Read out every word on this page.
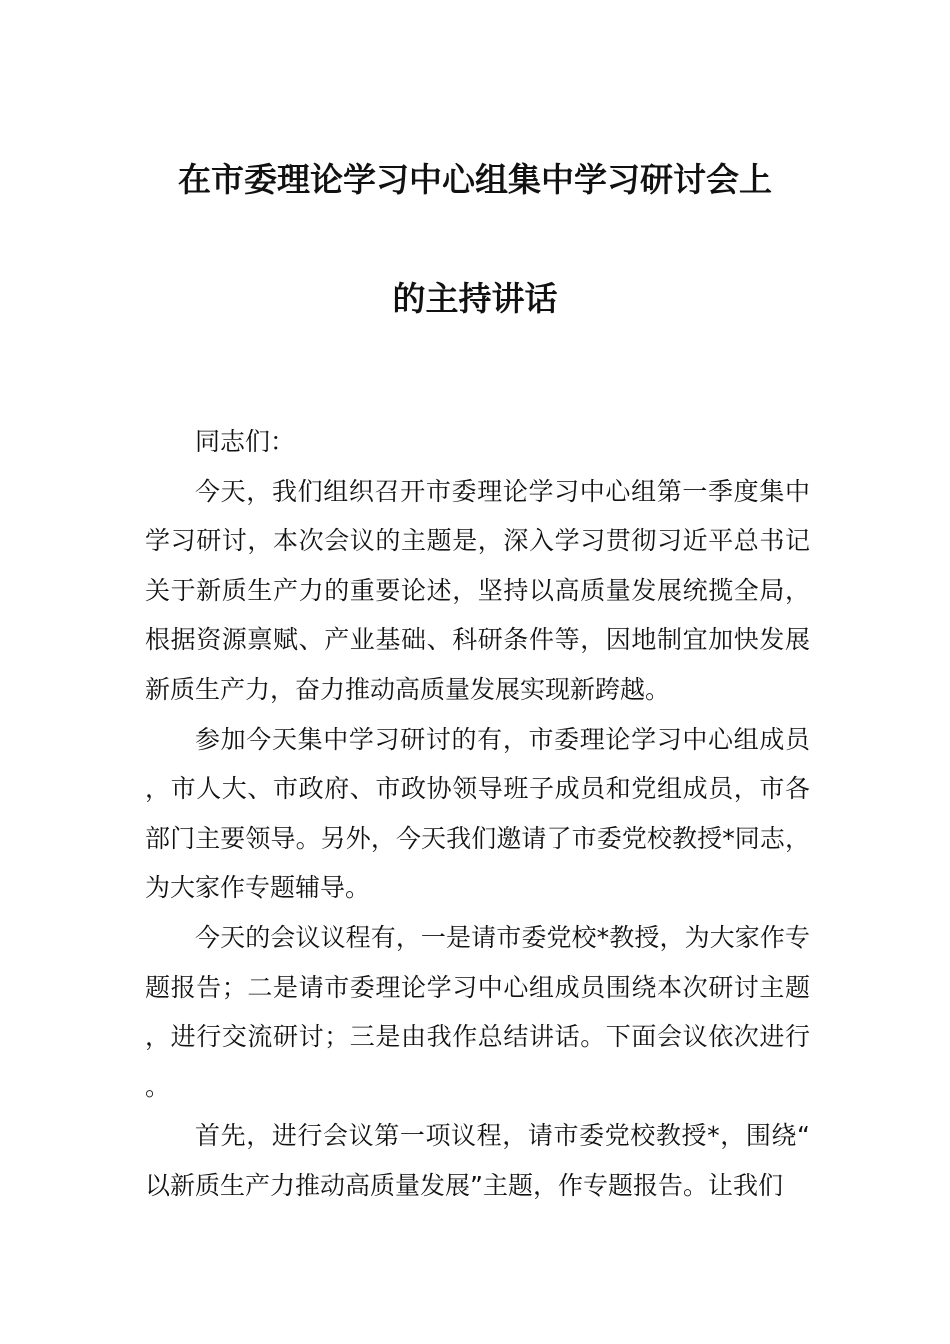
在市委理论学习中心组集中学习研讨会上
的主持讲话

同志们：

今天，我们组织召开市委理论学习中心组第一季度集中学习研讨，本次会议的主题是，深入学习贯彻习近平总书记关于新质生产力的重要论述，坚持以高质量发展统揽全局，根据资源禀赋、产业基础、科研条件等，因地制宜加快发展新质生产力，奋力推动高质量发展实现新跨越。

参加今天集中学习研讨的有，市委理论学习中心组成员，市人大、市政府、市政协领导班子成员和党组成员，市各部门主要领导。另外，今天我们邀请了市委党校教授*同志，为大家作专题辅导。

今天的会议议程有，一是请市委党校*教授，为大家作专题报告；二是请市委理论学习中心组成员围绕本次研讨主题，进行交流研讨；三是由我作总结讲话。下面会议依次进行。

首先，进行会议第一项议程，请市委党校教授*，围绕“以新质生产力推动高质量发展”主题，作专题报告。让我们
